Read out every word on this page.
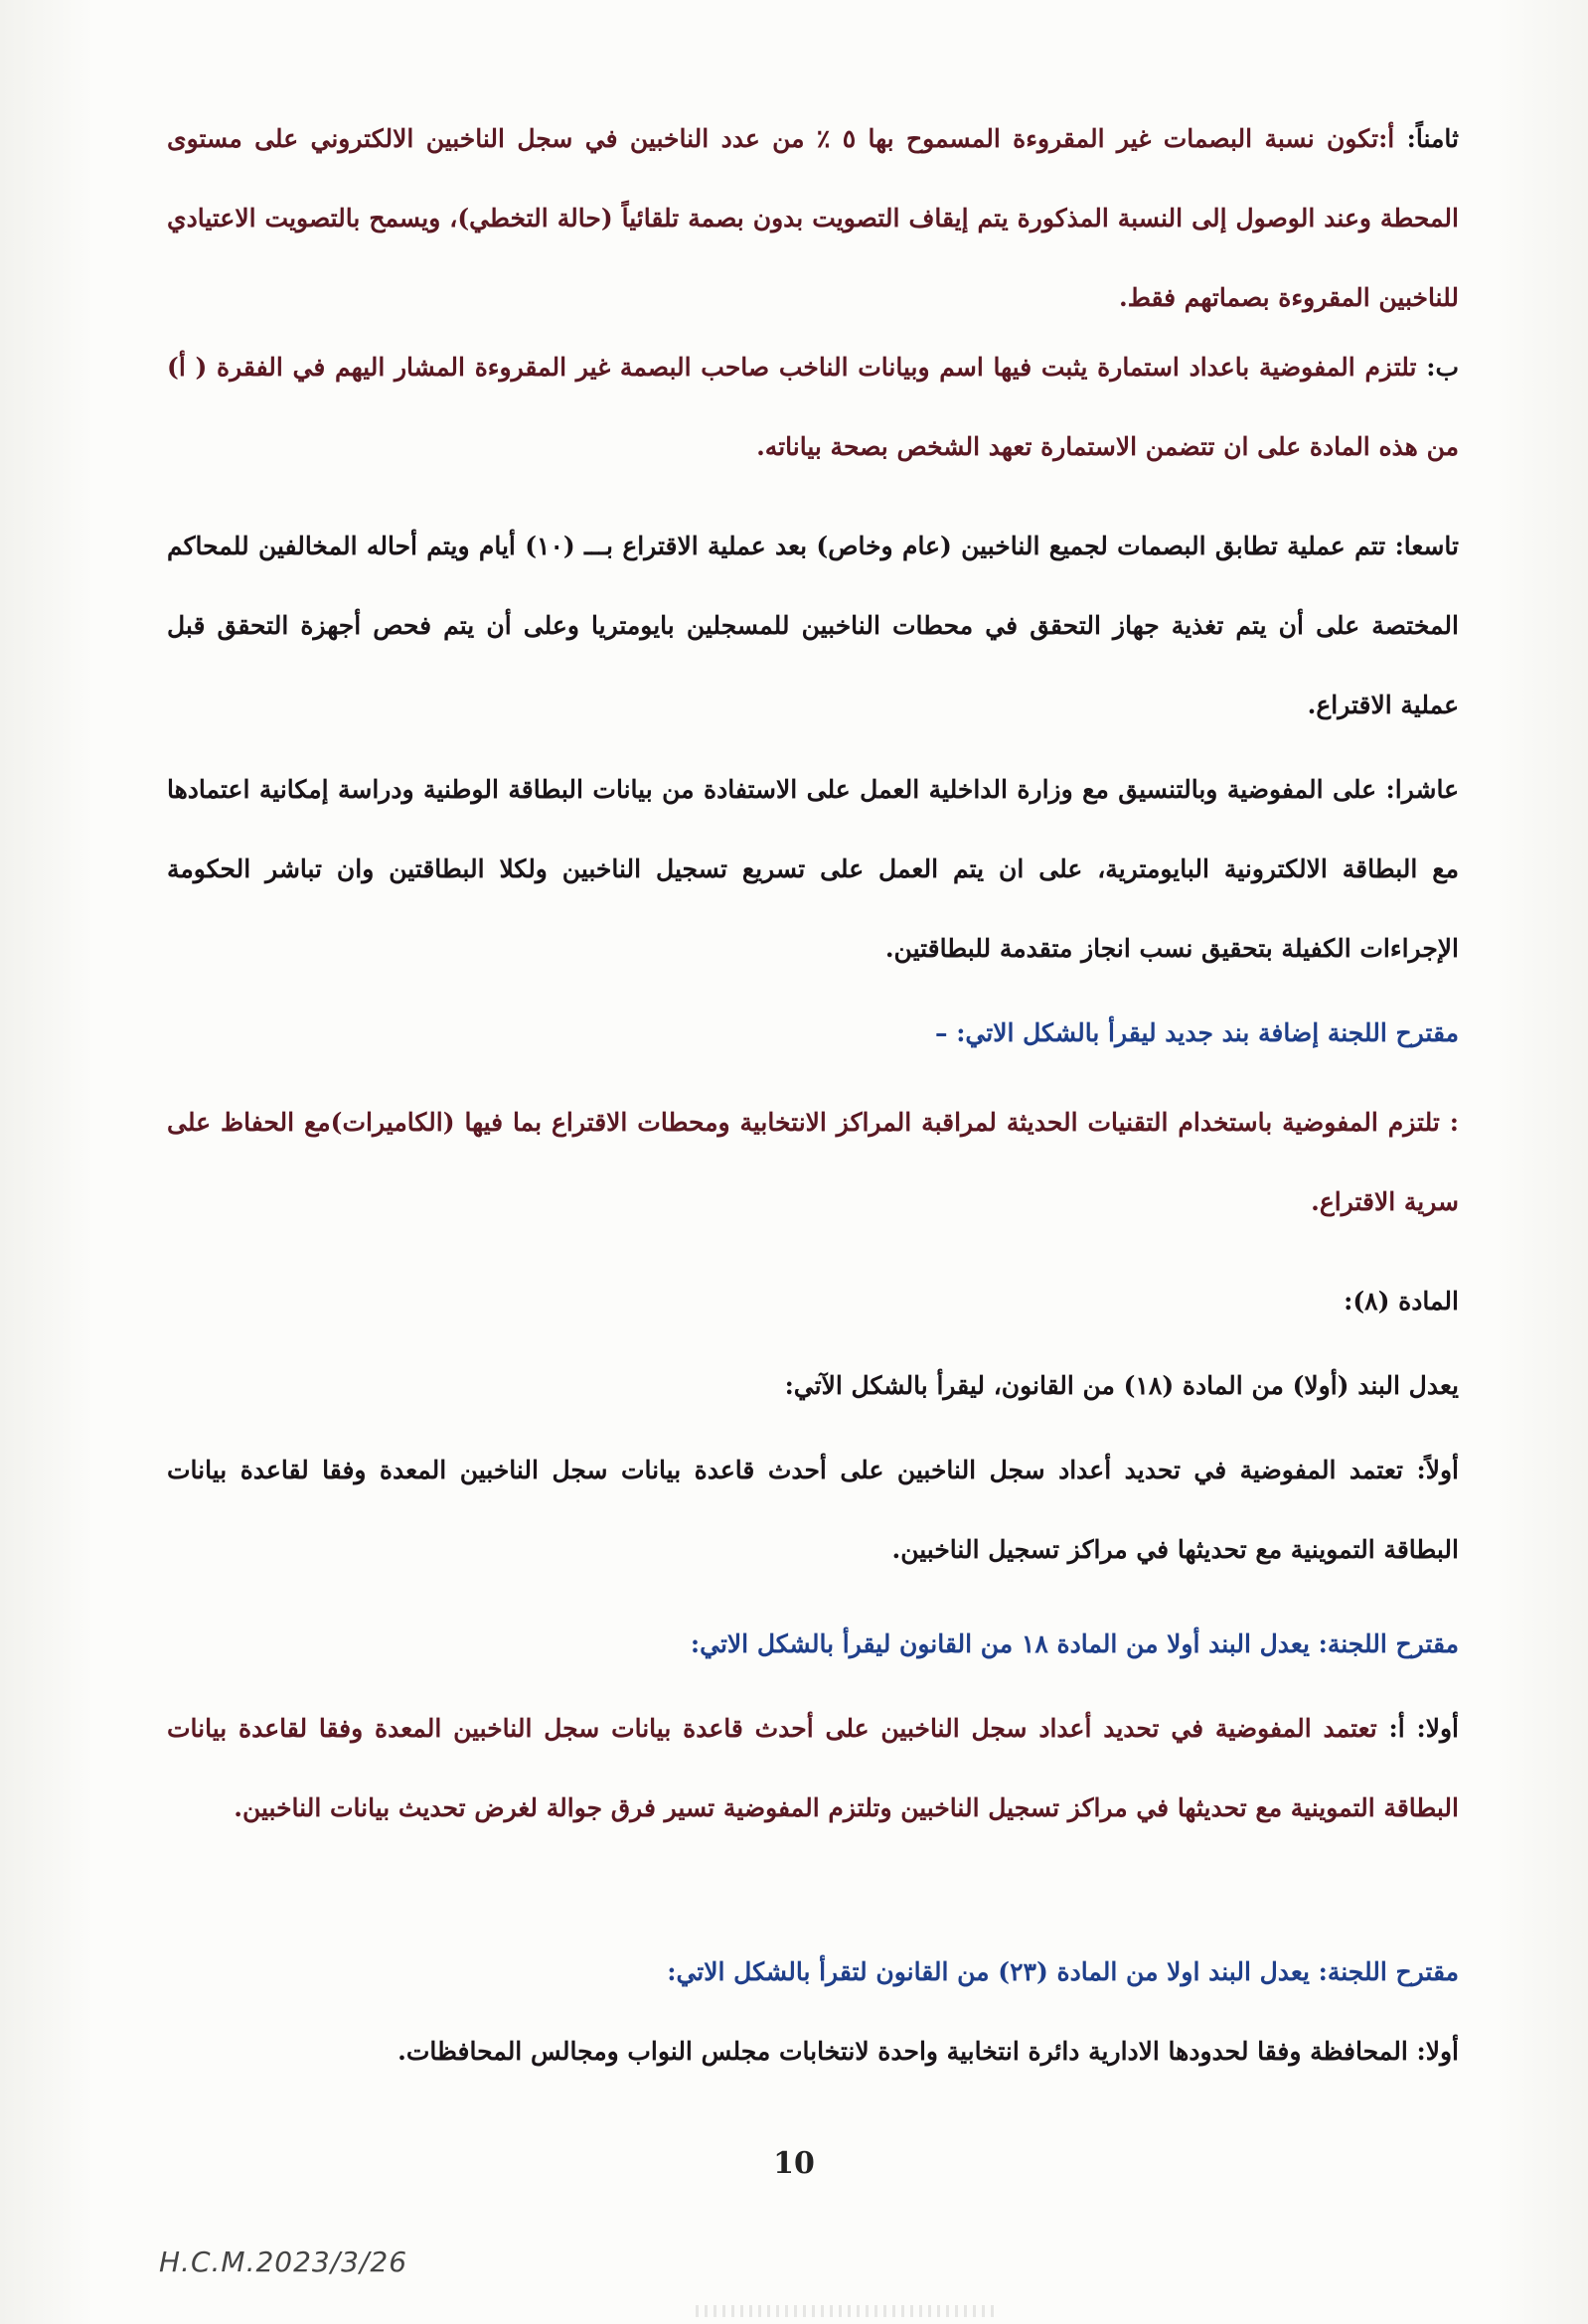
ثامناً: أ:تكون نسبة البصمات غير المقروءة المسموح بها ٥ ٪ من عدد الناخبين في سجل الناخبين الالكتروني على مستوى المحطة وعند الوصول إلى النسبة المذكورة يتم إيقاف التصويت بدون بصمة تلقائياً (حالة التخطي)، ويسمح بالتصويت الاعتيادي للناخبين المقروءة بصماتهم فقط.

ب: تلتزم المفوضية باعداد استمارة يثبت فيها اسم وبيانات الناخب صاحب البصمة غير المقروءة المشار اليهم في الفقرة ( أ) من هذه المادة على ان تتضمن الاستمارة تعهد الشخص بصحة بياناته.

تاسعا: تتم عملية تطابق البصمات لجميع الناخبين (عام وخاص) بعد عملية الاقتراع بـــ (١٠) أيام ويتم أحاله المخالفين للمحاكم المختصة على أن يتم تغذية جهاز التحقق في محطات الناخبين للمسجلين بايومتريا وعلى أن يتم فحص أجهزة التحقق قبل عملية الاقتراع.

عاشرا: على المفوضية وبالتنسيق مع وزارة الداخلية العمل على الاستفادة من بيانات البطاقة الوطنية ودراسة إمكانية اعتمادها مع البطاقة الالكترونية البايومترية، على ان يتم العمل على تسريع تسجيل الناخبين ولكلا البطاقتين وان تباشر الحكومة الإجراءات الكفيلة بتحقيق نسب انجاز متقدمة للبطاقتين.

مقترح اللجنة إضافة بند جديد ليقرأ بالشكل الاتي: –

: تلتزم المفوضية باستخدام التقنيات الحديثة لمراقبة المراكز الانتخابية ومحطات الاقتراع بما فيها (الكاميرات)مع الحفاظ على سرية الاقتراع.

المادة (٨):
يعدل البند (أولا) من المادة (١٨) من القانون، ليقرأ بالشكل الآتي:

أولاً: تعتمد المفوضية في تحديد أعداد سجل الناخبين على أحدث قاعدة بيانات سجل الناخبين المعدة وفقا لقاعدة بيانات البطاقة التموينية مع تحديثها في مراكز تسجيل الناخبين.

مقترح اللجنة: يعدل البند أولا من المادة ١٨ من القانون ليقرأ بالشكل الاتي:

أولا: أ: تعتمد المفوضية في تحديد أعداد سجل الناخبين على أحدث قاعدة بيانات سجل الناخبين المعدة وفقا لقاعدة بيانات البطاقة التموينية مع تحديثها في مراكز تسجيل الناخبين وتلتزم المفوضية تسير فرق جوالة لغرض تحديث بيانات الناخبين.

مقترح اللجنة: يعدل البند اولا من المادة (٢٣) من القانون لتقرأ بالشكل الاتي:

أولا: المحافظة وفقا لحدودها الادارية دائرة انتخابية واحدة لانتخابات مجلس النواب ومجالس المحافظات.

10
H.C.M.2023/3/26
